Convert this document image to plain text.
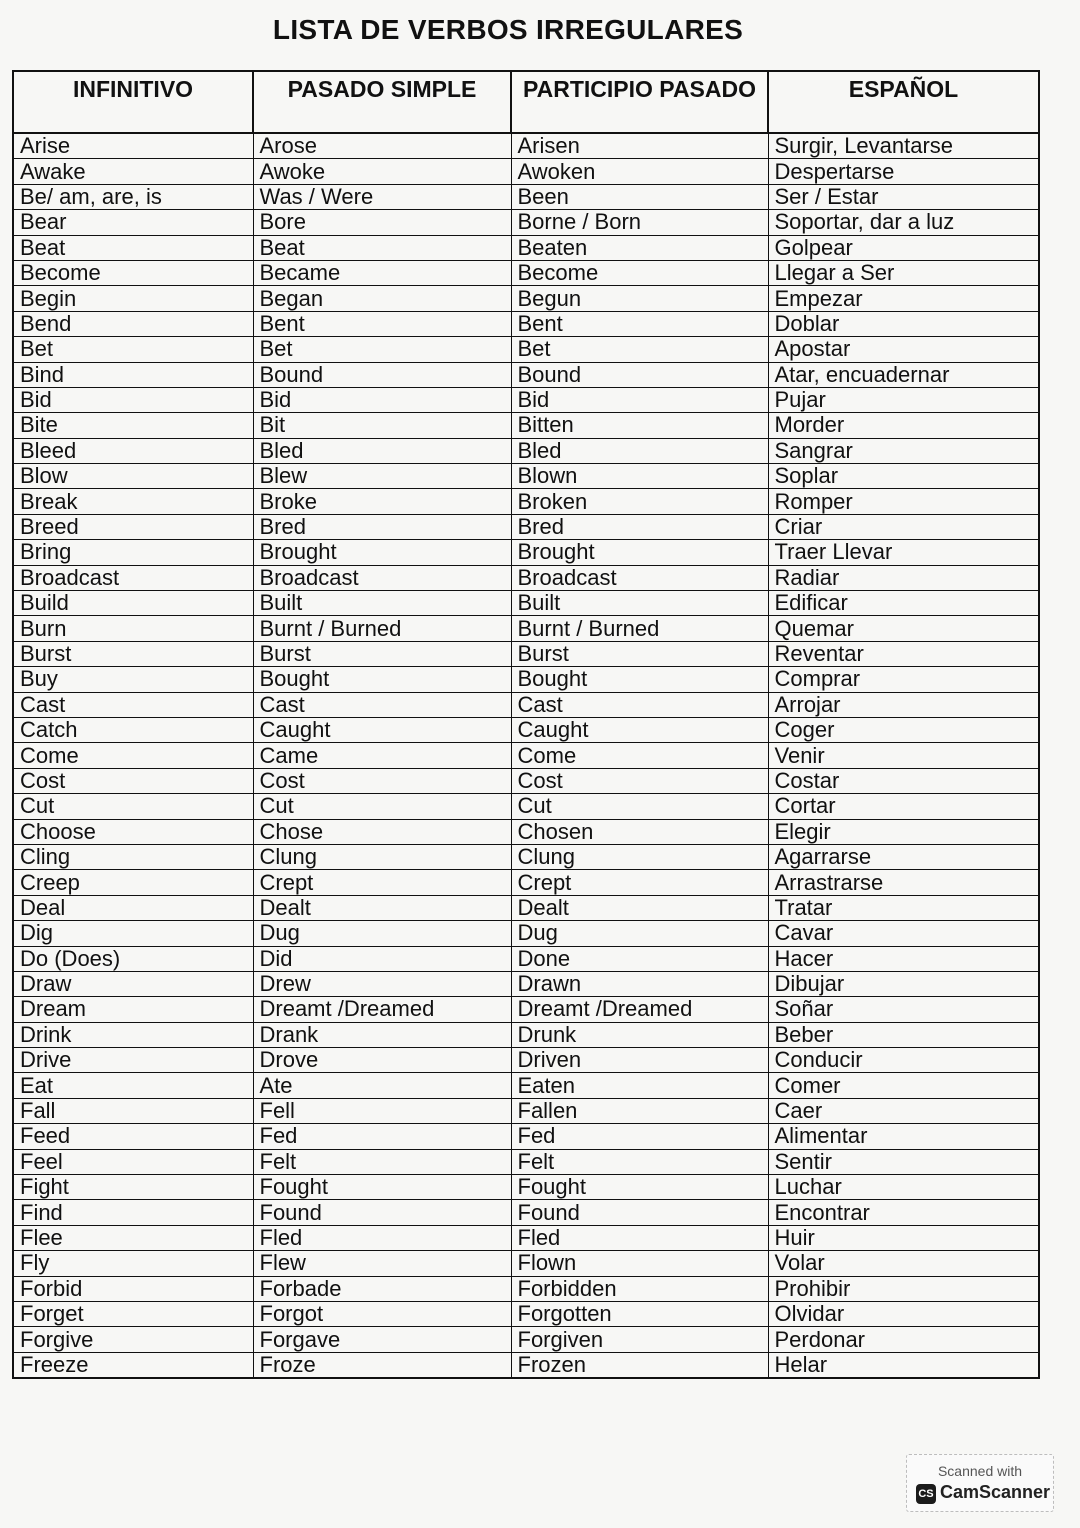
LISTA DE VERBOS IRREGULARES
INFINITIVO	PASADO SIMPLE	PARTICIPIO PASADO	ESPAÑOL
Arise	Arose	Arisen	Surgir, Levantarse
Awake	Awoke	Awoken	Despertarse
Be/ am, are, is	Was / Were	Been	Ser / Estar
Bear	Bore	Borne / Born	Soportar, dar a luz
Beat	Beat	Beaten	Golpear
Become	Became	Become	Llegar a Ser
Begin	Began	Begun	Empezar
Bend	Bent	Bent	Doblar
Bet	Bet	Bet	Apostar
Bind	Bound	Bound	Atar, encuadernar
Bid	Bid	Bid	Pujar
Bite	Bit	Bitten	Morder
Bleed	Bled	Bled	Sangrar
Blow	Blew	Blown	Soplar
Break	Broke	Broken	Romper
Breed	Bred	Bred	Criar
Bring	Brought	Brought	Traer Llevar
Broadcast	Broadcast	Broadcast	Radiar
Build	Built	Built	Edificar
Burn	Burnt / Burned	Burnt / Burned	Quemar
Burst	Burst	Burst	Reventar
Buy	Bought	Bought	Comprar
Cast	Cast	Cast	Arrojar
Catch	Caught	Caught	Coger
Come	Came	Come	Venir
Cost	Cost	Cost	Costar
Cut	Cut	Cut	Cortar
Choose	Chose	Chosen	Elegir
Cling	Clung	Clung	Agarrarse
Creep	Crept	Crept	Arrastrarse
Deal	Dealt	Dealt	Tratar
Dig	Dug	Dug	Cavar
Do (Does)	Did	Done	Hacer
Draw	Drew	Drawn	Dibujar
Dream	Dreamt /Dreamed	Dreamt /Dreamed	Soñar
Drink	Drank	Drunk	Beber
Drive	Drove	Driven	Conducir
Eat	Ate	Eaten	Comer
Fall	Fell	Fallen	Caer
Feed	Fed	Fed	Alimentar
Feel	Felt	Felt	Sentir
Fight	Fought	Fought	Luchar
Find	Found	Found	Encontrar
Flee	Fled	Fled	Huir
Fly	Flew	Flown	Volar
Forbid	Forbade	Forbidden	Prohibir
Forget	Forgot	Forgotten	Olvidar
Forgive	Forgave	Forgiven	Perdonar
Freeze	Froze	Frozen	Helar
Scanned with
CS CamScanner
